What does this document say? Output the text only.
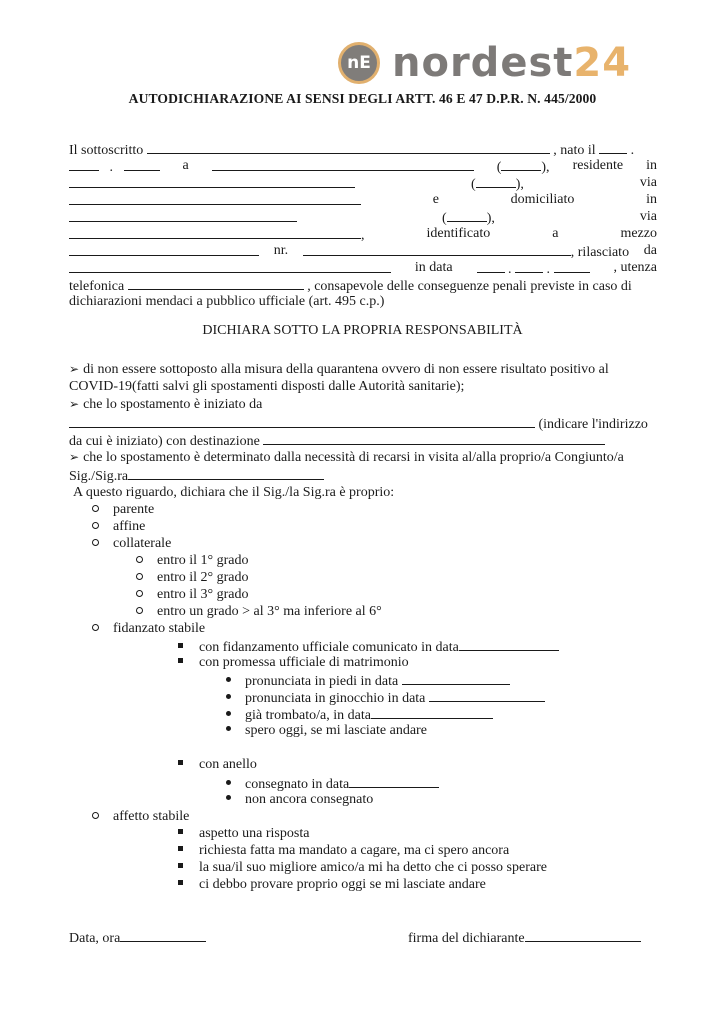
nE nordest24
AUTODICHIARAZIONE AI SENSI DEGLI ARTT. 46 E 47 D.P.R. N. 445/2000
Il sottoscritto	, nato il  .
.	a	(	), residente in
(	),	via
e	domiciliato	in
(	),	via
,	identificato	a	mezzo
nr.	, rilasciato da
in data	.  .	, utenza
telefonica	, consapevole delle conseguenze penali previste in caso di
dichiarazioni mendaci a pubblico ufficiale (art. 495 c.p.)
DICHIARA SOTTO LA PROPRIA RESPONSABILITÀ
➢ di non essere sottoposto alla misura della quarantena ovvero di non essere risultato positivo al
COVID-19(fatti salvi gli spostamenti disposti dalle Autorità sanitarie);
➢ che lo spostamento è iniziato da
(indicare l'indirizzo
da cui è iniziato) con destinazione
➢ che lo spostamento è determinato dalla necessità di recarsi in visita al/alla proprio/a Congiunto/a
Sig./Sig.ra
A questo riguardo, dichiara che il Sig./la Sig.ra è proprio:
parente
affine
collaterale
entro il 1° grado
entro il 2° grado
entro il 3° grado
entro un grado > al 3° ma inferiore al 6°
fidanzato stabile
con fidanzamento ufficiale comunicato in data
con promessa ufficiale di matrimonio
pronunciata in piedi in data
pronunciata in ginocchio in data
già trombato/a, in data
spero oggi, se mi lasciate andare
con anello
consegnato in data
non ancora consegnato
affetto stabile
aspetto una risposta
richiesta fatta ma mandato a cagare, ma ci spero ancora
la sua/il suo migliore amico/a mi ha detto che ci posso sperare
ci debbo provare proprio oggi se mi lasciate andare
Data, ora	firma del dichiarante
